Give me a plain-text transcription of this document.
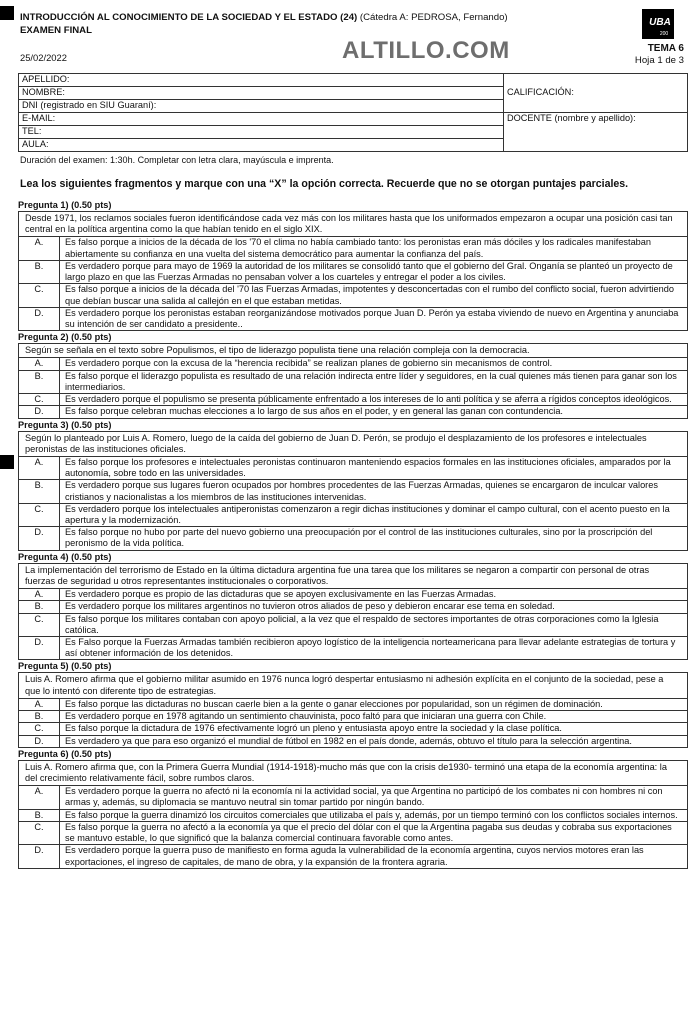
INTRODUCCIÓN AL CONOCIMIENTO DE LA SOCIEDAD Y EL ESTADO (24) (Cátedra A: PEDROSA, Fernando)
EXAMEN FINAL
25/02/2022	ALTILLO.COM
UBA
200
TEMA 6
Hoja 1 de 3
APELLIDO:	CALIFICACIÓN:
NOMBRE:	
DNI (registrado en SIU Guaraní):	
E-MAIL:	DOCENTE (nombre y apellido):
TEL:	
AULA:	
Duración del examen: 1:30h. Completar con letra clara, mayúscula e imprenta.
Lea los siguientes fragmentos y marque con una “X” la opción correcta. Recuerde que no se otorgan puntajes parciales.
Pregunta 1) (0.50 pts)
Desde 1971, los reclamos sociales fueron identificándose cada vez más con los militares hasta que los uniformados empezaron a ocupar una posición casi tan central en la política argentina como la que habían tenido en el siglo XIX.
A.	Es falso porque a inicios de la década de los '70 el clima no había cambiado tanto: los peronistas eran más dóciles y los radicales manifestaban abiertamente su confianza en una vuelta del sistema democrático para aumentar la confianza del país.
B.	Es verdadero porque para mayo de 1969 la autoridad de los militares se consolidó tanto que el gobierno del Gral. Onganía se planteó un proyecto de largo plazo en que las Fuerzas Armadas no pensaban volver a los cuarteles y entregar el poder a los civiles.
C.	Es falso porque a inicios de la década del '70 las Fuerzas Armadas, impotentes y desconcertadas con el rumbo del conflicto social, fueron advirtiendo que debían buscar una salida al callejón en el que estaban metidas.
D.	Es verdadero porque los peronistas estaban reorganizándose motivados porque Juan D. Perón ya estaba viviendo de nuevo en Argentina y anunciaba su intención de ser candidato a presidente..
Pregunta 2) (0.50 pts)
Según se señala en el texto sobre Populismos, el tipo de liderazgo populista tiene una relación compleja con la democracia.
A.	Es verdadero porque con la excusa de la “herencia recibida” se realizan planes de gobierno sin mecanismos de control.
B.	Es falso porque el liderazgo populista es resultado de una relación indirecta entre líder y seguidores, en la cual quienes más tienen para ganar son los intermediarios.
C.	Es verdadero porque el populismo se presenta públicamente enfrentado a los intereses de lo anti política y se aferra a rígidos conceptos ideológicos.
D.	Es falso porque celebran muchas elecciones a lo largo de sus años en el poder, y en general las ganan con contundencia.
Pregunta 3) (0.50 pts)
Según lo planteado por Luis A. Romero, luego de la caída del gobierno de Juan D. Perón, se produjo el desplazamiento de los profesores e intelectuales peronistas de las instituciones oficiales.
A.	Es falso porque los profesores e intelectuales peronistas continuaron manteniendo espacios formales en las instituciones oficiales, amparados por la autonomía, sobre todo en las universidades.
B.	Es verdadero porque sus lugares fueron ocupados por hombres procedentes de las Fuerzas Armadas, quienes se encargaron de inculcar valores cristianos y nacionalistas a los miembros de las instituciones intervenidas.
C.	Es verdadero porque los intelectuales antiperonistas comenzaron a regir dichas instituciones y dominar el campo cultural, con el acento puesto en la apertura y la modernización.
D.	Es falso porque no hubo por parte del nuevo gobierno una preocupación por el control de las instituciones culturales, sino por la proscripción del peronismo de la vida política.
Pregunta 4) (0.50 pts)
La implementación del terrorismo de Estado en la última dictadura argentina fue una tarea que los militares se negaron a compartir con personal de otras fuerzas de seguridad u otros representantes institucionales o corporativos.
A.	Es verdadero porque es propio de las dictaduras que se apoyen exclusivamente en las Fuerzas Armadas.
B.	Es verdadero porque los militares argentinos no tuvieron otros aliados de peso y debieron encarar ese tema en soledad.
C.	Es falso porque los militares contaban con apoyo policial, a la vez que el respaldo de sectores importantes de otras corporaciones como la Iglesia católica.
D.	Es Falso porque la Fuerzas Armadas también recibieron apoyo logístico de la inteligencia norteamericana para llevar adelante estrategias de tortura y así obtener información de los detenidos.
Pregunta 5) (0.50 pts)
Luis A. Romero afirma que el gobierno militar asumido en 1976 nunca logró despertar entusiasmo ni adhesión explícita en el conjunto de la sociedad, pese a que lo intentó con diferente tipo de estrategias.
A.	Es falso porque las dictaduras no buscan caerle bien a la gente o ganar elecciones por popularidad, son un régimen de dominación.
B.	Es verdadero porque en 1978 agitando un sentimiento chauvinista, poco faltó para que iniciaran una guerra con Chile.
C.	Es falso porque la dictadura de 1976 efectivamente logró un pleno y entusiasta apoyo entre la sociedad y la clase política.
D.	Es verdadero ya que para eso organizó el mundial de fútbol en 1982 en el país donde, además, obtuvo el título para la selección argentina.
Pregunta 6) (0.50 pts)
Luis A. Romero afirma que, con la Primera Guerra Mundial (1914-1918)-mucho más que con la crisis de1930- terminó una etapa de la economía argentina: la del crecimiento relativamente fácil, sobre rumbos claros.
A.	Es verdadero porque la guerra no afectó ni la economía ni la actividad social, ya que Argentina no participó de los combates ni con hombres ni con armas y, además, su diplomacia se mantuvo neutral sin tomar partido por ningún bando.
B.	Es falso porque la guerra dinamizó los circuitos comerciales que utilizaba el país y, además, por un tiempo terminó con los conflictos sociales internos.
C.	Es falso porque la guerra no afectó a la economía ya que el precio del dólar con el que la Argentina pagaba sus deudas y cobraba sus exportaciones se mantuvo estable, lo que significó que la balanza comercial continuara favorable como antes.
D.	Es verdadero porque la guerra puso de manifiesto en forma aguda la vulnerabilidad de la economía argentina, cuyos nervios motores eran las exportaciones, el ingreso de capitales, de mano de obra, y la expansión de la frontera agraria.
